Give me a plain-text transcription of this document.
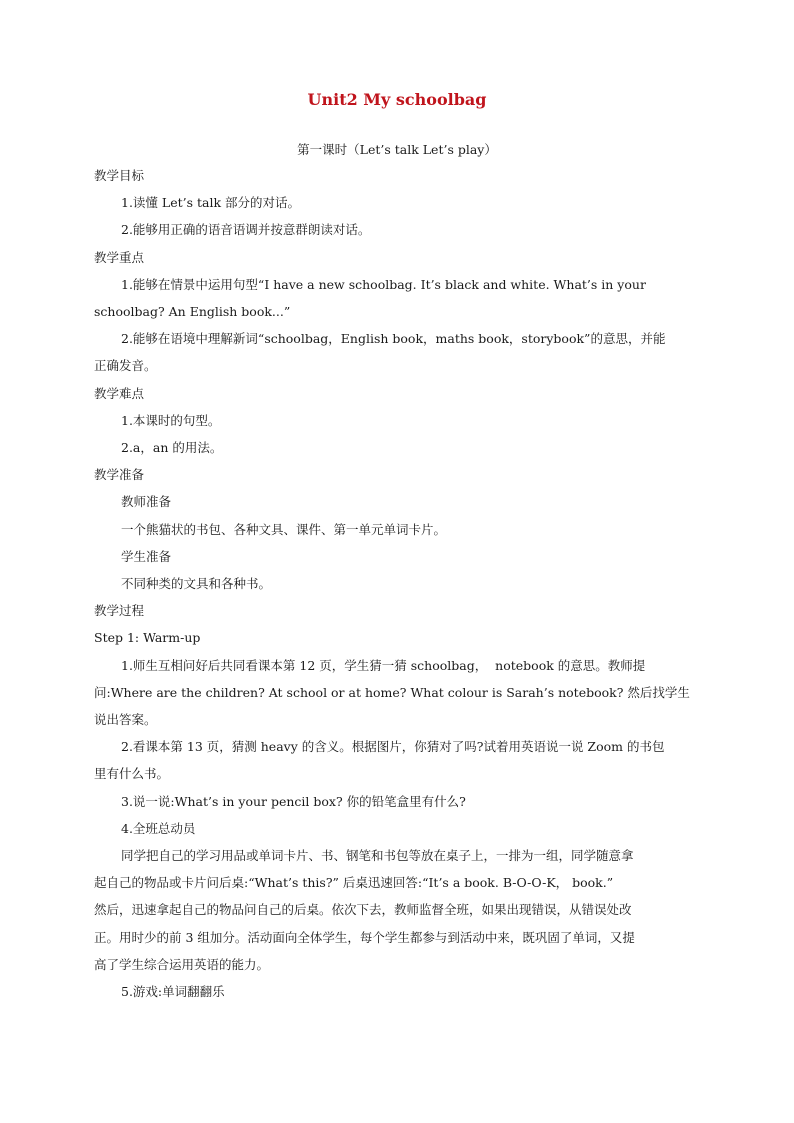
Unit2 My schoolbag
第一课时（Let’s talk Let’s play）

教学目标

1.读懂 Let’s talk 部分的对话。

2.能够用正确的语音语调并按意群朗读对话。

教学重点

1.能够在情景中运用句型“I have a new schoolbag. It’s black and white. What’s in your

schoolbag? An English book...”

2.能够在语境中理解新词“schoolbag，English book，maths book，storybook”的意思，并能

正确发音。

教学难点

1.本课时的句型。

2.a，an 的用法。

教学准备

教师准备

一个熊猫状的书包、各种文具、课件、第一单元单词卡片。

学生准备

不同种类的文具和各种书。

教学过程

Step 1: Warm-up

1.师生互相问好后共同看课本第 12 页，学生猜一猜 schoolbag，  notebook 的意思。教师提

问:Where are the children? At school or at home? What colour is Sarah’s notebook? 然后找学生

说出答案。

2.看课本第 13 页，猜测 heavy 的含义。根据图片，你猜对了吗?试着用英语说一说 Zoom 的书包

里有什么书。

3.说一说:What’s in your pencil box? 你的铅笔盒里有什么?

4.全班总动员

同学把自己的学习用品或单词卡片、书、钢笔和书包等放在桌子上，一排为一组，同学随意拿

起自己的物品或卡片问后桌:“What’s this?” 后桌迅速回答:“It’s a book. B-O-O-K， book.”

然后，迅速拿起自己的物品问自己的后桌。依次下去，教师监督全班，如果出现错误，从错误处改

正。用时少的前 3 组加分。活动面向全体学生，每个学生都参与到活动中来，既巩固了单词，又提

高了学生综合运用英语的能力。

5.游戏:单词翻翻乐
